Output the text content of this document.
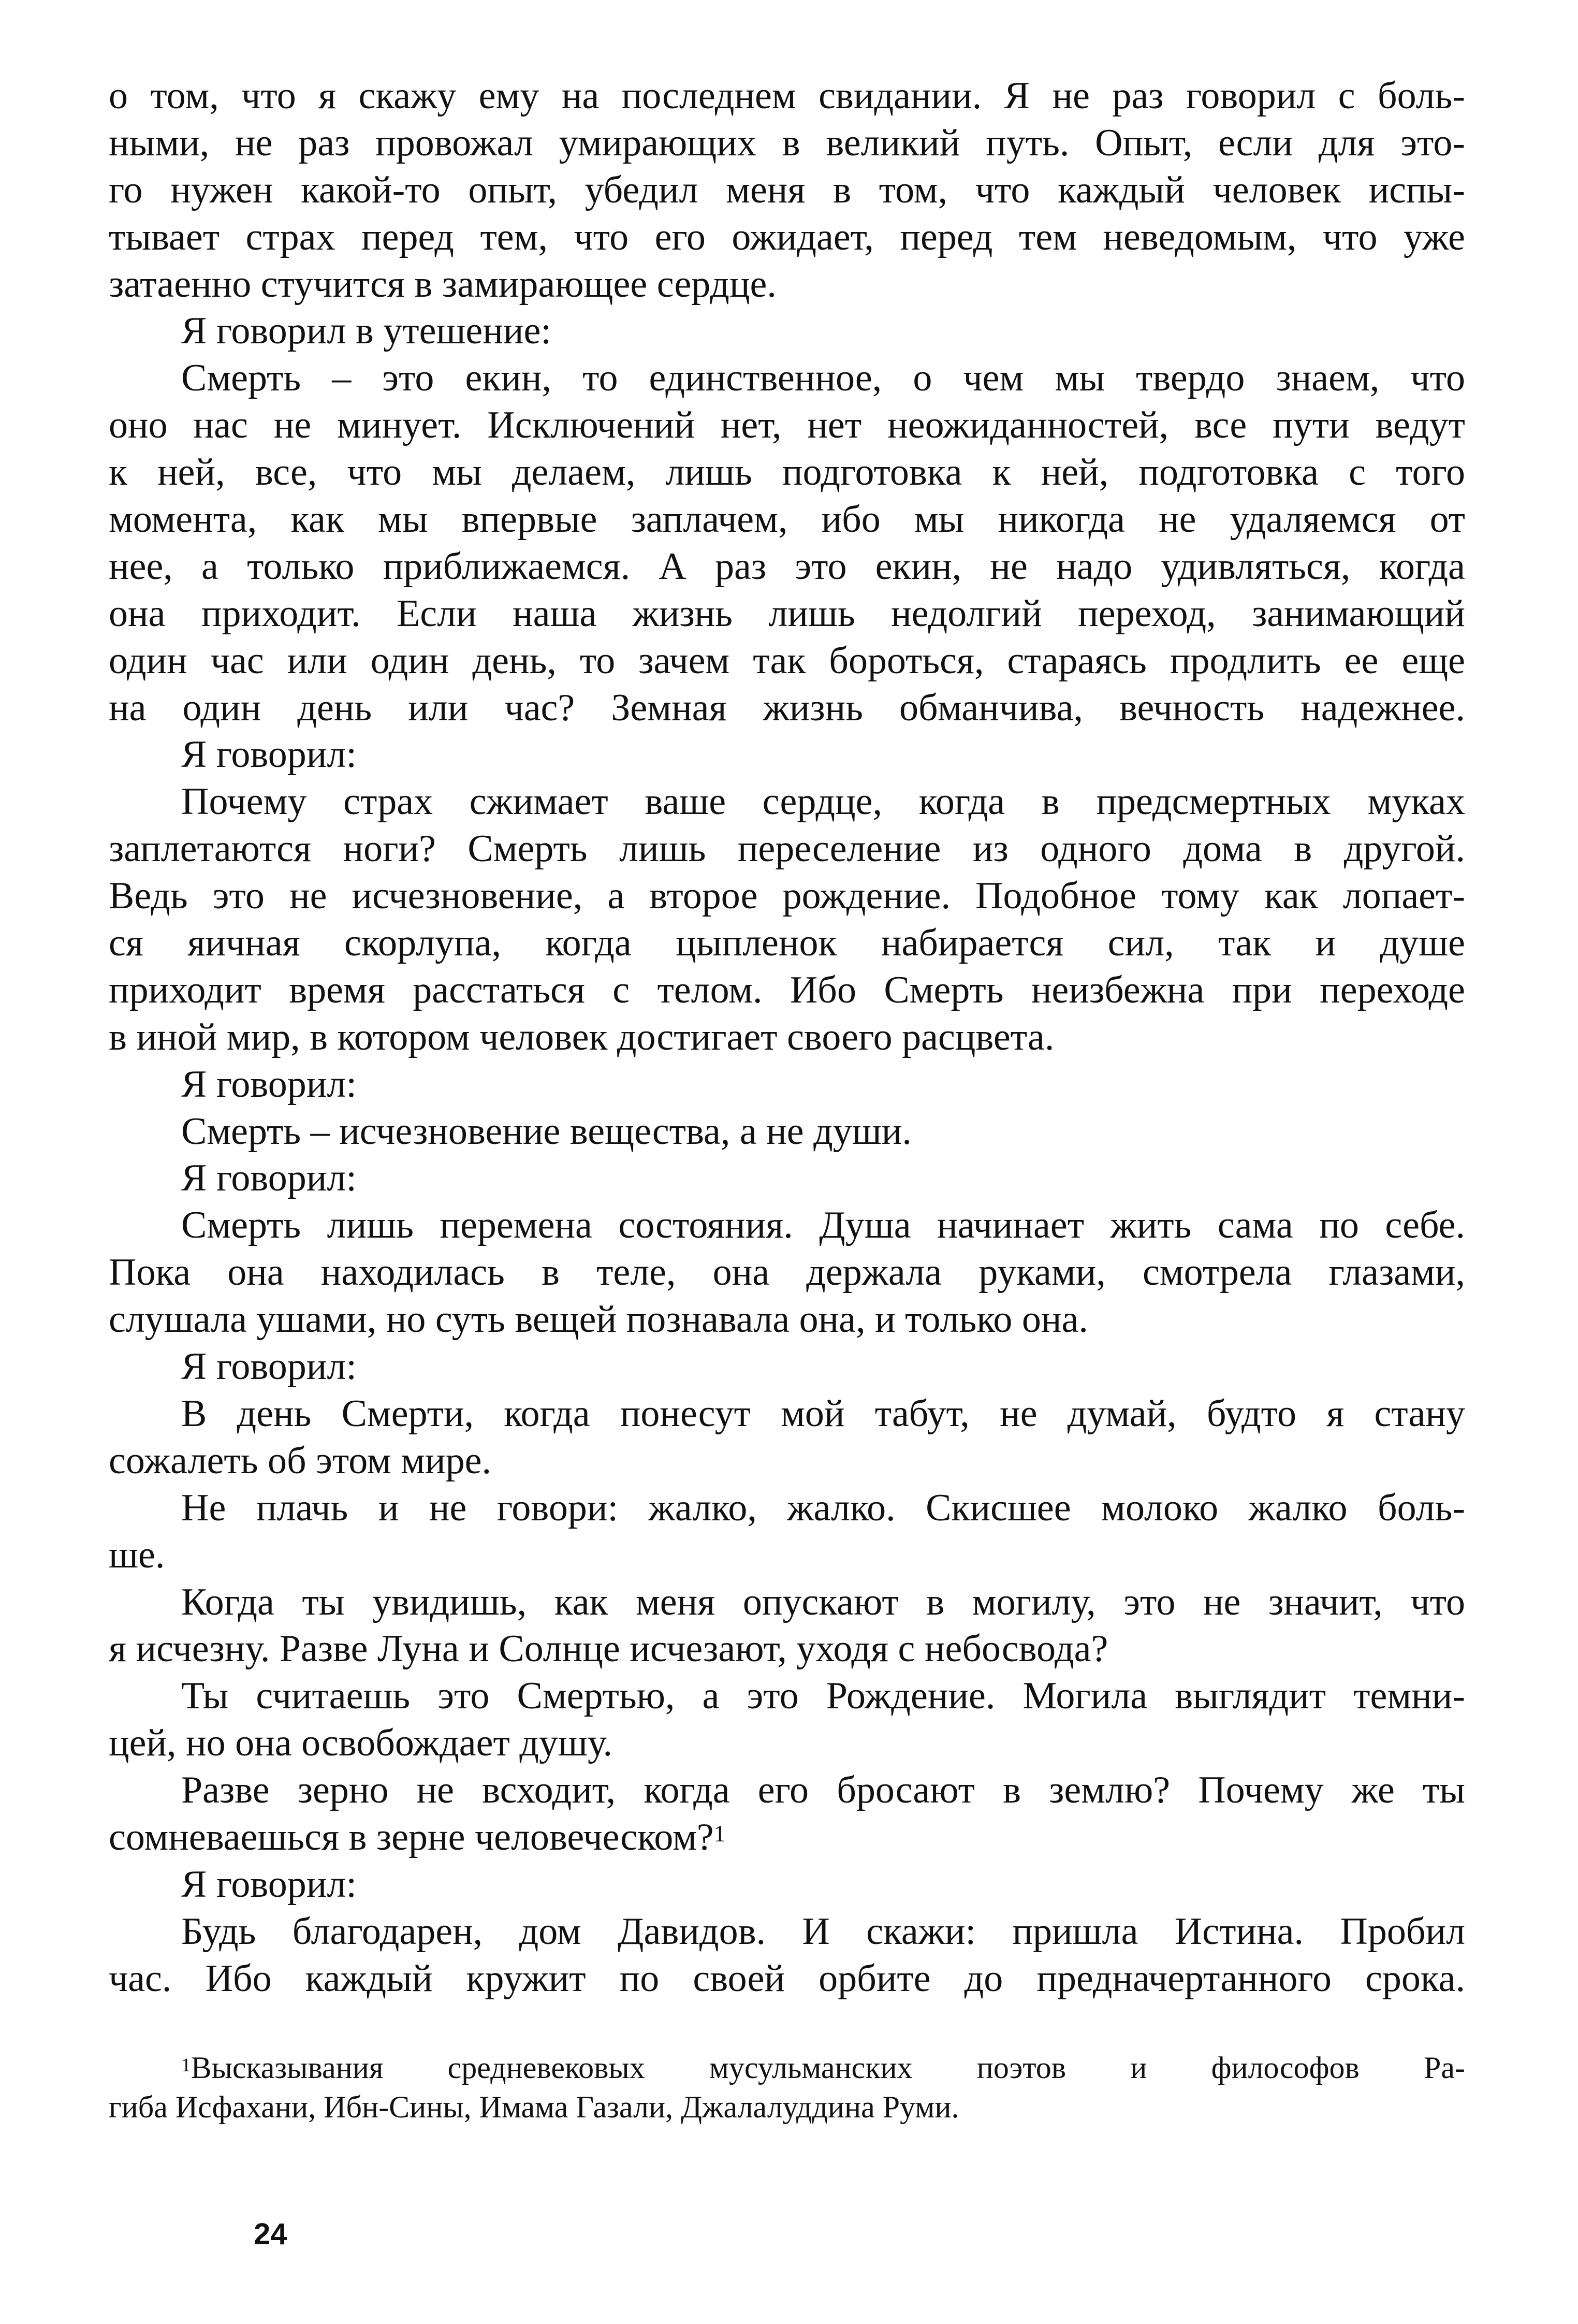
о том, что я скажу ему на последнем свидании. Я не раз говорил с боль-
ными, не раз провожал умирающих в великий путь. Опыт, если для это-
го нужен какой-то опыт, убедил меня в том, что каждый человек испы-
тывает страх перед тем, что его ожидает, перед тем неведомым, что уже
затаенно стучится в замирающее сердце.
Я говорил в утешение:
Смерть – это екин, то единственное, о чем мы твердо знаем, что
оно нас не минует. Исключений нет, нет неожиданностей, все пути ведут
к ней, все, что мы делаем, лишь подготовка к ней, подготовка с того
момента, как мы впервые заплачем, ибо мы никогда не удаляемся от
нее, а только приближаемся. А раз это екин, не надо удивляться, когда
она приходит. Если наша жизнь лишь недолгий переход, занимающий
один час или один день, то зачем так бороться, стараясь продлить ее еще
на один день или час? Земная жизнь обманчива, вечность надежнее.
Я говорил:
Почему страх сжимает ваше сердце, когда в предсмертных муках
заплетаются ноги? Смерть лишь переселение из одного дома в другой.
Ведь это не исчезновение, а второе рождение. Подобное тому как лопает-
ся яичная скорлупа, когда цыпленок набирается сил, так и душе
приходит время расстаться с телом. Ибо Смерть неизбежна при переходе
в иной мир, в котором человек достигает своего расцвета.
Я говорил:
Смерть – исчезновение вещества, а не души.
Я говорил:
Смерть лишь перемена состояния. Душа начинает жить сама по себе.
Пока она находилась в теле, она держала руками, смотрела глазами,
слушала ушами, но суть вещей познавала она, и только она.
Я говорил:
В день Смерти, когда понесут мой табут, не думай, будто я стану
сожалеть об этом мире.
Не плачь и не говори: жалко, жалко. Скисшее молоко жалко боль-
ше.
Когда ты увидишь, как меня опускают в могилу, это не значит, что
я исчезну. Разве Луна и Солнце исчезают, уходя с небосвода?
Ты считаешь это Смертью, а это Рождение. Могила выглядит темни-
цей, но она освобождает душу.
Разве зерно не всходит, когда его бросают в землю? Почему же ты
сомневаешься в зерне человеческом?$^1$
Я говорил:
Будь благодарен, дом Давидов. И скажи: пришла Истина. Пробил
час. Ибо каждый кружит по своей орбите до предначертанного срока.
$^1$Высказывания средневековых мусульманских поэтов и философов Ра-
гиба Исфахани, Ибн-Сины, Имама Газали, Джалалуддина Руми.
24
